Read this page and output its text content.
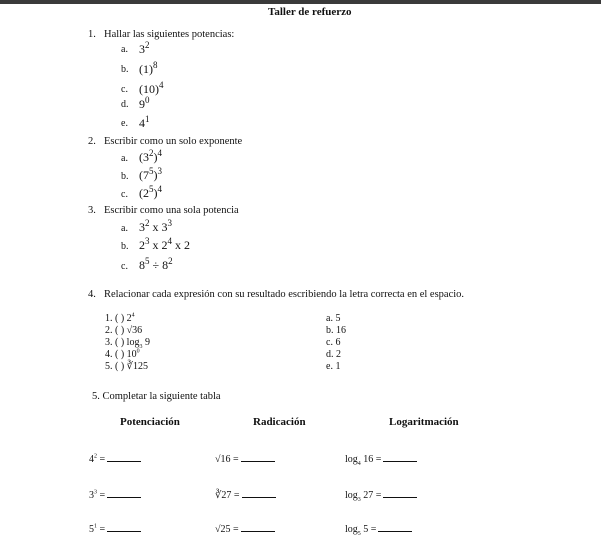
Taller de refuerzo
1. Hallar las siguientes potencias:
a. $3^2$
b. $(1)^8$
c. $(10)^4$
d. $9^0$
e. $4^1$
2. Escribir como un solo exponente
a. $(3^2)^4$
b. $(7^5)^3$
c. $(2^5)^4$
3. Escribir como una sola potencia
a. $3^2$ x $3^3$
b. $2^3$ x $2^4$ x 2
c. $8^5 \div 8^2$
4. Relacionar cada expresión con su resultado escribiendo la letra correcta en el espacio.
1. ( ) $2^4$
2. ( ) √36
3. ( ) $\log_3 9$
4. ( ) $10^0$
5. ( ) ∛125
a. 5
b. 16
c. 6
d. 2
e. 1
5. Completar la siguiente tabla
Potenciación	Radicación	Logaritmación
$4^2$ =	√16 =	$\log_4 16$ =
$3^3$ =	∛27 =	$\log_3 27$ =
$5^1$ =	√25 =	$\log_5 5$ =
